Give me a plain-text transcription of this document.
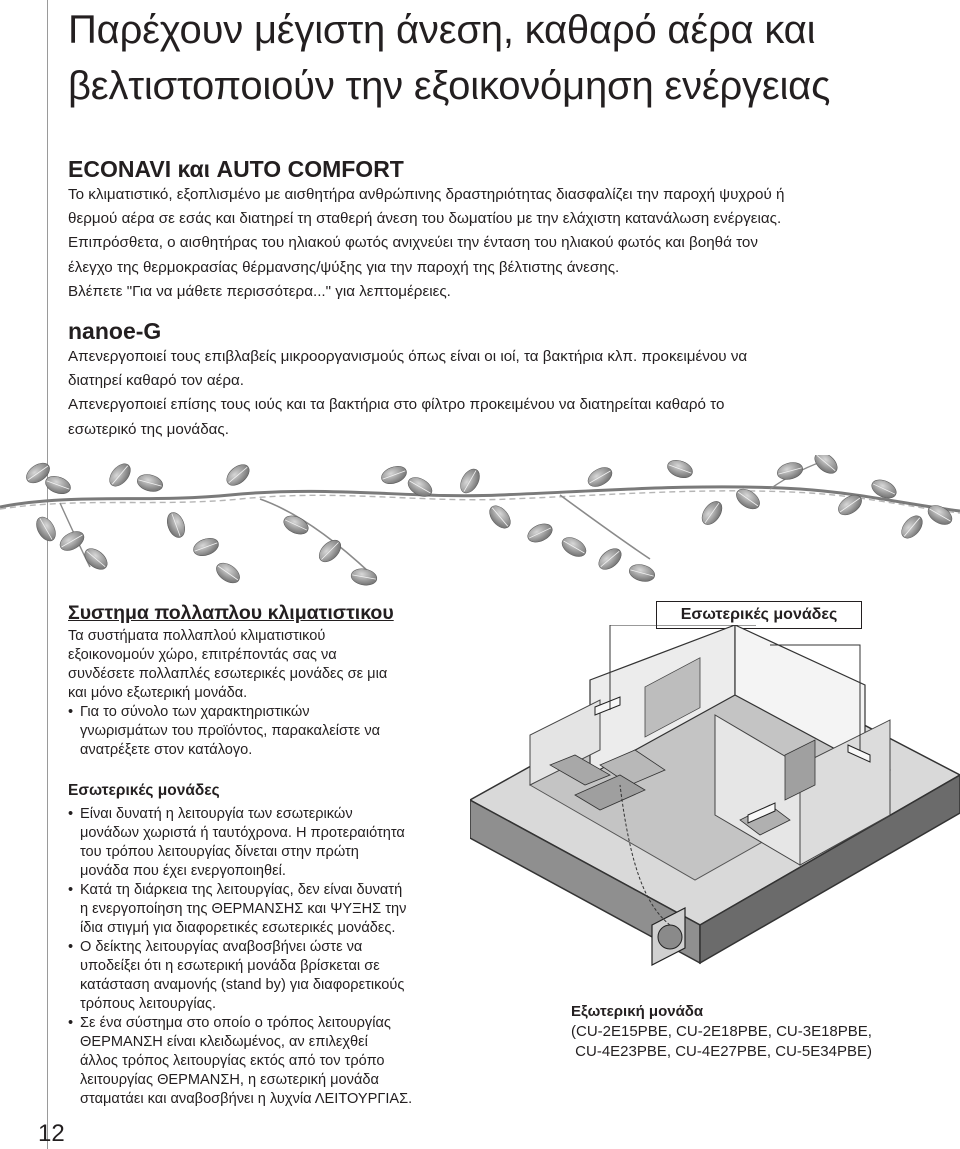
Παρέχουν μέγιστη άνεση, καθαρό αέρα και
βελτιστοποιούν την εξοικονόμηση ενέργειας
ECONAVI και AUTO COMFORT

Το κλιματιστικό, εξοπλισμένο με αισθητήρα ανθρώπινης δραστηριότητας διασφαλίζει την παροχή ψυχρού ή
θερμού αέρα σε εσάς και διατηρεί τη σταθερή άνεση του δωματίου με την ελάχιστη κατανάλωση ενέργειας.
Επιπρόσθετα, ο αισθητήρας του ηλιακού φωτός ανιχνεύει την ένταση του ηλιακού φωτός και βοηθά τον
έλεγχο της θερμοκρασίας θέρμανσης/ψύξης για την παροχή της βέλτιστης άνεσης.
Βλέπετε "Για να μάθετε περισσότερα..." για λεπτομέρειες.

nanoe-G

Απενεργοποιεί τους επιβλαβείς μικροοργανισμούς όπως είναι οι ιοί, τα βακτήρια κλπ. προκειμένου να
διατηρεί καθαρό τον αέρα.
Απενεργοποιεί επίσης τους ιούς και τα βακτήρια στο φίλτρο προκειμένου να διατηρείται καθαρό το
εσωτερικό της μονάδας.

Συστημα πολλαπλου κλιματιστικου
Τα συστήματα πολλαπλού κλιματιστικού
εξοικονομούν χώρο, επιτρέποντάς σας να
συνδέσετε πολλαπλές εσωτερικές μονάδες σε μια
και μόνο εξωτερική μονάδα.
• Για το σύνολο των χαρακτηριστικών
γνωρισμάτων του προϊόντος, παρακαλείστε να
ανατρέξετε στον κατάλογο.
Εσωτερικές μονάδες
• Είναι δυνατή η λειτουργία των εσωτερικών
μονάδων χωριστά ή ταυτόχρονα. Η προτεραιότητα
του τρόπου λειτουργίας δίνεται στην πρώτη
μονάδα που έχει ενεργοποιηθεί.
• Κατά τη διάρκεια της λειτουργίας, δεν είναι δυνατή
η ενεργοποίηση της ΘΕΡΜΑΝΣΗΣ και ΨΥΞΗΣ την
ίδια στιγμή για διαφορετικές εσωτερικές μονάδες.
• Ο δείκτης λειτουργίας αναβοσβήνει ώστε να
υποδείξει ότι η εσωτερική μονάδα βρίσκεται σε
κατάσταση αναμονής (stand by) για διαφορετικούς
τρόπους λειτουργίας.
• Σε ένα σύστημα στο οποίο ο τρόπος λειτουργίας
ΘΕΡΜΑΝΣΗ είναι κλειδωμένος, αν επιλεχθεί
άλλος τρόπος λειτουργίας εκτός από τον τρόπο
λειτουργίας ΘΕΡΜΑΝΣΗ, η εσωτερική μονάδα
σταματάει και αναβοσβήνει η λυχνία ΛΕΙΤΟΥΡΓΙΑΣ.
Εσωτερικές μονάδες
Εξωτερική μονάδα
(CU-2E15PBE, CU-2E18PBE, CU-3E18PBE,
CU-4E23PBE, CU-4E27PBE, CU-5E34PBE)
12
